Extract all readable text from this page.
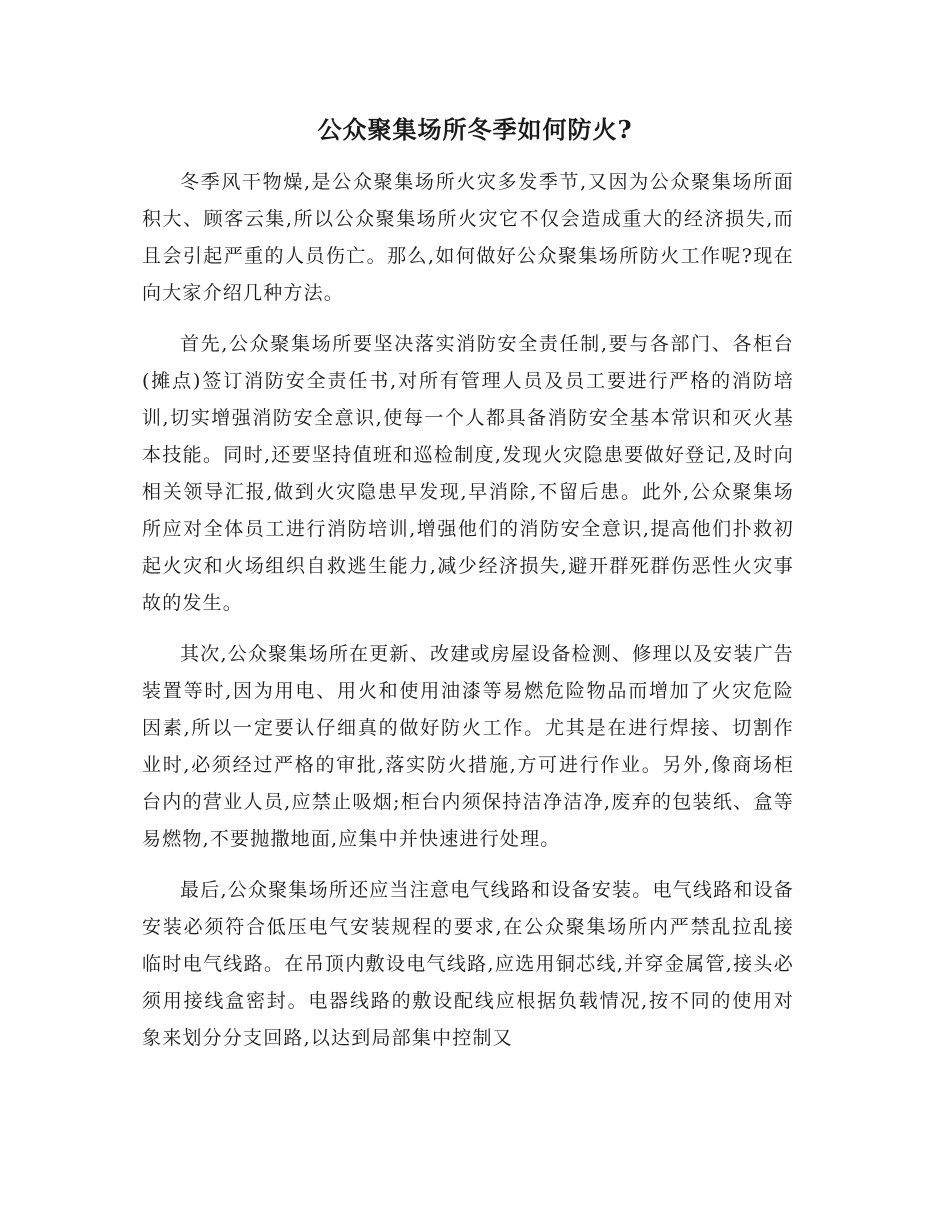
公众聚集场所冬季如何防火?

冬季风干物燥,是公众聚集场所火灾多发季节,又因为公众聚集场所面积大、顾客云集,所以公众聚集场所火灾它不仅会造成重大的经济损失,而且会引起严重的人员伤亡。那么,如何做好公众聚集场所防火工作呢?现在向大家介绍几种方法。

首先,公众聚集场所要坚决落实消防安全责任制,要与各部门、各柜台(摊点)签订消防安全责任书,对所有管理人员及员工要进行严格的消防培训,切实增强消防安全意识,使每一个人都具备消防安全基本常识和灭火基本技能。同时,还要坚持值班和巡检制度,发现火灾隐患要做好登记,及时向相关领导汇报,做到火灾隐患早发现,早消除,不留后患。此外,公众聚集场所应对全体员工进行消防培训,增强他们的消防安全意识,提高他们扑救初起火灾和火场组织自救逃生能力,减少经济损失,避开群死群伤恶性火灾事故的发生。

其次,公众聚集场所在更新、改建或房屋设备检测、修理以及安装广告装置等时,因为用电、用火和使用油漆等易燃危险物品而增加了火灾危险因素,所以一定要认仔细真的做好防火工作。尤其是在进行焊接、切割作业时,必须经过严格的审批,落实防火措施,方可进行作业。另外,像商场柜台内的营业人员,应禁止吸烟;柜台内须保持洁净洁净,废弃的包装纸、盒等易燃物,不要抛撒地面,应集中并快速进行处理。

最后,公众聚集场所还应当注意电气线路和设备安装。电气线路和设备安装必须符合低压电气安装规程的要求,在公众聚集场所内严禁乱拉乱接临时电气线路。在吊顶内敷设电气线路,应选用铜芯线,并穿金属管,接头必须用接线盒密封。电器线路的敷设配线应根据负载情况,按不同的使用对象来划分分支回路,以达到局部集中控制又
